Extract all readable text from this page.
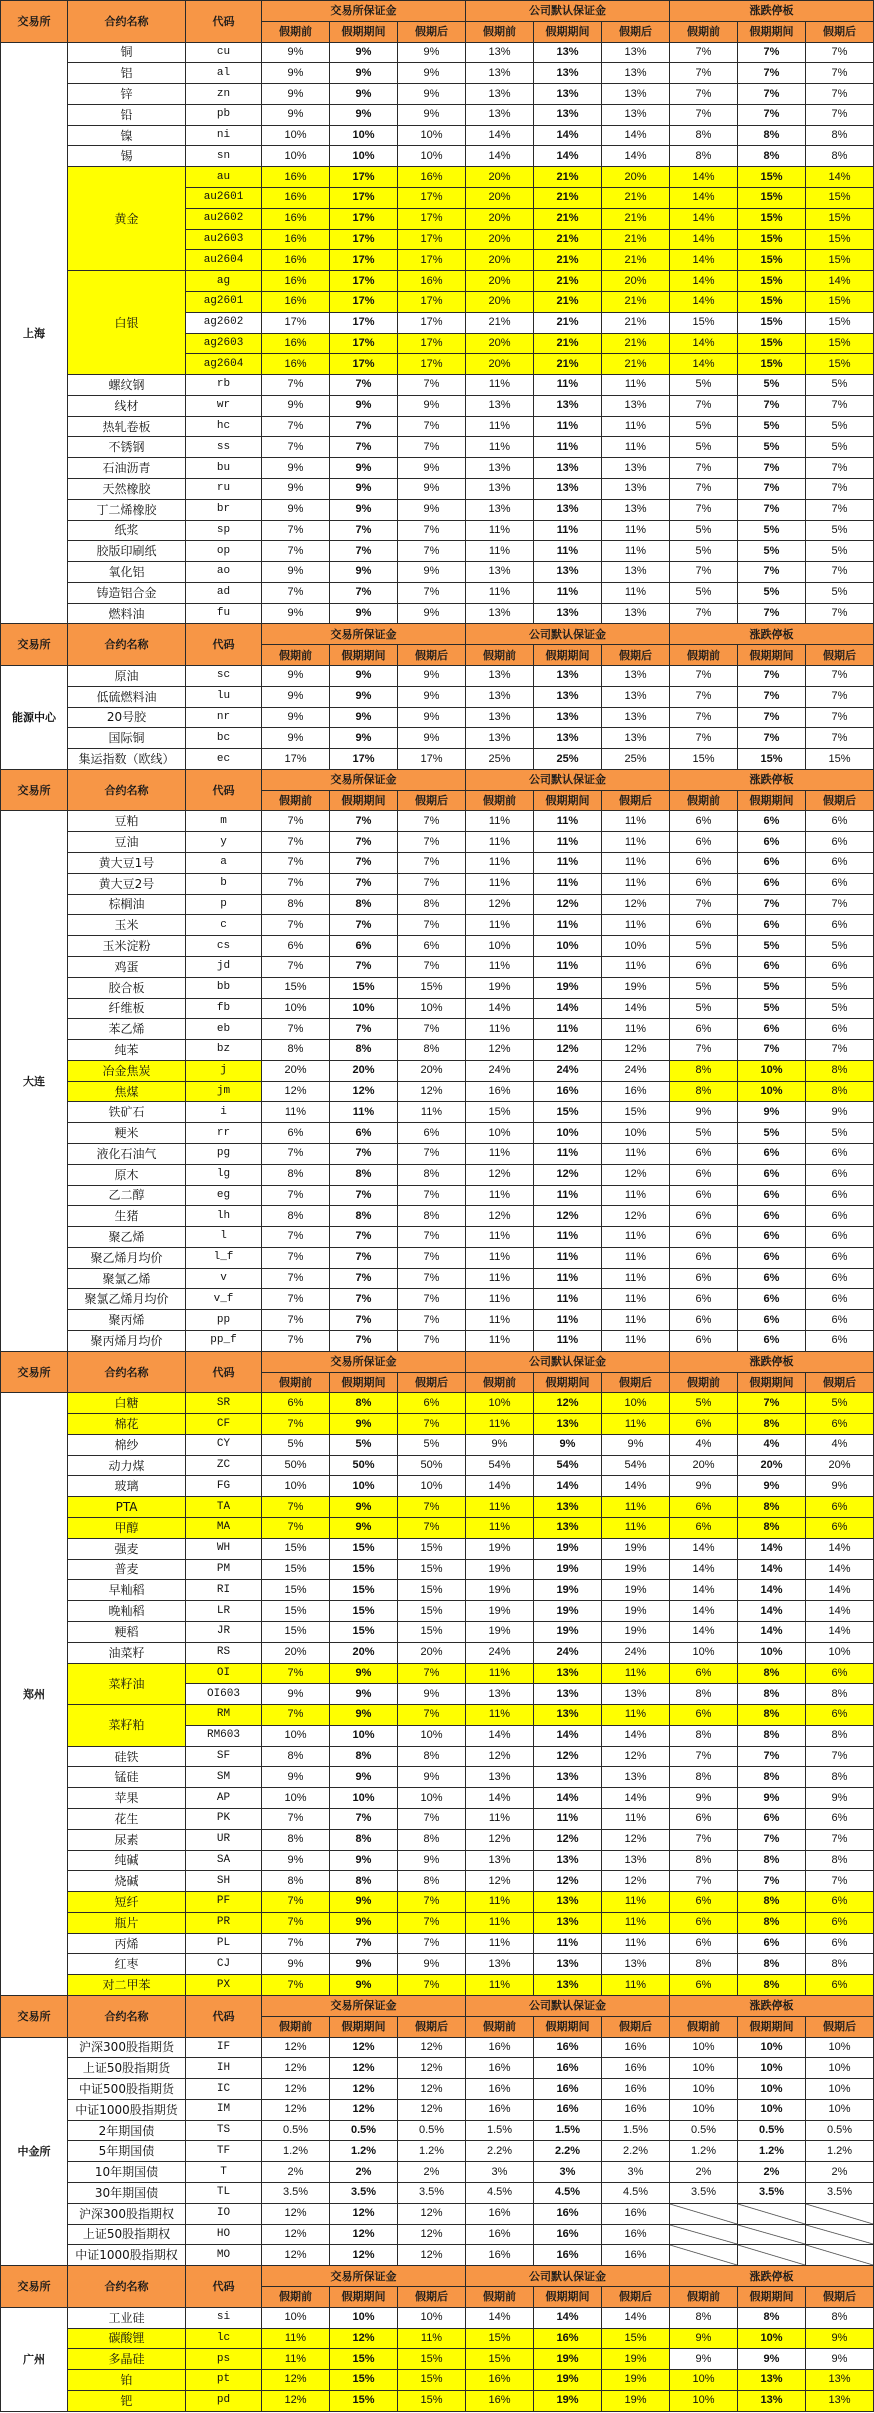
交易所	合约名称	代码
交易所保证金	公司默认保证金	涨跌停板
假期前	假期期间	假期后	假期前	假期期间	假期后	假期前	假期期间	假期后
上海
铜	cu	9%	9%	9%	13%	13%	13%	7%	7%	7%
铝	al	9%	9%	9%	13%	13%	13%	7%	7%	7%
锌	zn	9%	9%	9%	13%	13%	13%	7%	7%	7%
铅	pb	9%	9%	9%	13%	13%	13%	7%	7%	7%
镍	ni	10%	10%	10%	14%	14%	14%	8%	8%	8%
锡	sn	10%	10%	10%	14%	14%	14%	8%	8%	8%
黄金
au	16%	17%	16%	20%	21%	20%	14%	15%	14%
au2601	16%	17%	17%	20%	21%	21%	14%	15%	15%
au2602	16%	17%	17%	20%	21%	21%	14%	15%	15%
au2603	16%	17%	17%	20%	21%	21%	14%	15%	15%
au2604	16%	17%	17%	20%	21%	21%	14%	15%	15%
白银
ag	16%	17%	16%	20%	21%	20%	14%	15%	14%
ag2601	16%	17%	17%	20%	21%	21%	14%	15%	15%
ag2602	17%	17%	17%	21%	21%	21%	15%	15%	15%
ag2603	16%	17%	17%	20%	21%	21%	14%	15%	15%
ag2604	16%	17%	17%	20%	21%	21%	14%	15%	15%
螺纹钢	rb	7%	7%	7%	11%	11%	11%	5%	5%	5%
线材	wr	9%	9%	9%	13%	13%	13%	7%	7%	7%
热轧卷板	hc	7%	7%	7%	11%	11%	11%	5%	5%	5%
不锈钢	ss	7%	7%	7%	11%	11%	11%	5%	5%	5%
石油沥青	bu	9%	9%	9%	13%	13%	13%	7%	7%	7%
天然橡胶	ru	9%	9%	9%	13%	13%	13%	7%	7%	7%
丁二烯橡胶	br	9%	9%	9%	13%	13%	13%	7%	7%	7%
纸浆	sp	7%	7%	7%	11%	11%	11%	5%	5%	5%
胶版印刷纸	op	7%	7%	7%	11%	11%	11%	5%	5%	5%
氧化铝	ao	9%	9%	9%	13%	13%	13%	7%	7%	7%
铸造铝合金	ad	7%	7%	7%	11%	11%	11%	5%	5%	5%
燃料油	fu	9%	9%	9%	13%	13%	13%	7%	7%	7%
交易所	合约名称	代码
交易所保证金	公司默认保证金	涨跌停板
假期前	假期期间	假期后	假期前	假期期间	假期后	假期前	假期期间	假期后
能源中心
原油	sc	9%	9%	9%	13%	13%	13%	7%	7%	7%
低硫燃料油	lu	9%	9%	9%	13%	13%	13%	7%	7%	7%
20号胶	nr	9%	9%	9%	13%	13%	13%	7%	7%	7%
国际铜	bc	9%	9%	9%	13%	13%	13%	7%	7%	7%
集运指数（欧线）	ec	17%	17%	17%	25%	25%	25%	15%	15%	15%
交易所	合约名称	代码
交易所保证金	公司默认保证金	涨跌停板
假期前	假期期间	假期后	假期前	假期期间	假期后	假期前	假期期间	假期后
大连
豆粕	m	7%	7%	7%	11%	11%	11%	6%	6%	6%
豆油	y	7%	7%	7%	11%	11%	11%	6%	6%	6%
黄大豆1号	a	7%	7%	7%	11%	11%	11%	6%	6%	6%
黄大豆2号	b	7%	7%	7%	11%	11%	11%	6%	6%	6%
棕榈油	p	8%	8%	8%	12%	12%	12%	7%	7%	7%
玉米	c	7%	7%	7%	11%	11%	11%	6%	6%	6%
玉米淀粉	cs	6%	6%	6%	10%	10%	10%	5%	5%	5%
鸡蛋	jd	7%	7%	7%	11%	11%	11%	6%	6%	6%
胶合板	bb	15%	15%	15%	19%	19%	19%	5%	5%	5%
纤维板	fb	10%	10%	10%	14%	14%	14%	5%	5%	5%
苯乙烯	eb	7%	7%	7%	11%	11%	11%	6%	6%	6%
纯苯	bz	8%	8%	8%	12%	12%	12%	7%	7%	7%
冶金焦炭	j	20%	20%	20%	24%	24%	24%	8%	10%	8%
焦煤	jm	12%	12%	12%	16%	16%	16%	8%	10%	8%
铁矿石	i	11%	11%	11%	15%	15%	15%	9%	9%	9%
粳米	rr	6%	6%	6%	10%	10%	10%	5%	5%	5%
液化石油气	pg	7%	7%	7%	11%	11%	11%	6%	6%	6%
原木	lg	8%	8%	8%	12%	12%	12%	6%	6%	6%
乙二醇	eg	7%	7%	7%	11%	11%	11%	6%	6%	6%
生猪	lh	8%	8%	8%	12%	12%	12%	6%	6%	6%
聚乙烯	l	7%	7%	7%	11%	11%	11%	6%	6%	6%
聚乙烯月均价	l_f	7%	7%	7%	11%	11%	11%	6%	6%	6%
聚氯乙烯	v	7%	7%	7%	11%	11%	11%	6%	6%	6%
聚氯乙烯月均价	v_f	7%	7%	7%	11%	11%	11%	6%	6%	6%
聚丙烯	pp	7%	7%	7%	11%	11%	11%	6%	6%	6%
聚丙烯月均价	pp_f	7%	7%	7%	11%	11%	11%	6%	6%	6%
交易所	合约名称	代码
交易所保证金	公司默认保证金	涨跌停板
假期前	假期期间	假期后	假期前	假期期间	假期后	假期前	假期期间	假期后
郑州
白糖	SR	6%	8%	6%	10%	12%	10%	5%	7%	5%
棉花	CF	7%	9%	7%	11%	13%	11%	6%	8%	6%
棉纱	CY	5%	5%	5%	9%	9%	9%	4%	4%	4%
动力煤	ZC	50%	50%	50%	54%	54%	54%	20%	20%	20%
玻璃	FG	10%	10%	10%	14%	14%	14%	9%	9%	9%
PTA	TA	7%	9%	7%	11%	13%	11%	6%	8%	6%
甲醇	MA	7%	9%	7%	11%	13%	11%	6%	8%	6%
强麦	WH	15%	15%	15%	19%	19%	19%	14%	14%	14%
普麦	PM	15%	15%	15%	19%	19%	19%	14%	14%	14%
早籼稻	RI	15%	15%	15%	19%	19%	19%	14%	14%	14%
晚籼稻	LR	15%	15%	15%	19%	19%	19%	14%	14%	14%
粳稻	JR	15%	15%	15%	19%	19%	19%	14%	14%	14%
油菜籽	RS	20%	20%	20%	24%	24%	24%	10%	10%	10%
菜籽油
OI	7%	9%	7%	11%	13%	11%	6%	8%	6%
OI603	9%	9%	9%	13%	13%	13%	8%	8%	8%
菜籽粕
RM	7%	9%	7%	11%	13%	11%	6%	8%	6%
RM603	10%	10%	10%	14%	14%	14%	8%	8%	8%
硅铁	SF	8%	8%	8%	12%	12%	12%	7%	7%	7%
锰硅	SM	9%	9%	9%	13%	13%	13%	8%	8%	8%
苹果	AP	10%	10%	10%	14%	14%	14%	9%	9%	9%
花生	PK	7%	7%	7%	11%	11%	11%	6%	6%	6%
尿素	UR	8%	8%	8%	12%	12%	12%	7%	7%	7%
纯碱	SA	9%	9%	9%	13%	13%	13%	8%	8%	8%
烧碱	SH	8%	8%	8%	12%	12%	12%	7%	7%	7%
短纤	PF	7%	9%	7%	11%	13%	11%	6%	8%	6%
瓶片	PR	7%	9%	7%	11%	13%	11%	6%	8%	6%
丙烯	PL	7%	7%	7%	11%	11%	11%	6%	6%	6%
红枣	CJ	9%	9%	9%	13%	13%	13%	8%	8%	8%
对二甲苯	PX	7%	9%	7%	11%	13%	11%	6%	8%	6%
交易所	合约名称	代码
交易所保证金	公司默认保证金	涨跌停板
假期前	假期期间	假期后	假期前	假期期间	假期后	假期前	假期期间	假期后
中金所
沪深300股指期货	IF	12%	12%	12%	16%	16%	16%	10%	10%	10%
上证50股指期货	IH	12%	12%	12%	16%	16%	16%	10%	10%	10%
中证500股指期货	IC	12%	12%	12%	16%	16%	16%	10%	10%	10%
中证1000股指期货	IM	12%	12%	12%	16%	16%	16%	10%	10%	10%
2年期国债	TS	0.5%	0.5%	0.5%	1.5%	1.5%	1.5%	0.5%	0.5%	0.5%
5年期国债	TF	1.2%	1.2%	1.2%	2.2%	2.2%	2.2%	1.2%	1.2%	1.2%
10年期国债	T	2%	2%	2%	3%	3%	3%	2%	2%	2%
30年期国债	TL	3.5%	3.5%	3.5%	4.5%	4.5%	4.5%	3.5%	3.5%	3.5%
沪深300股指期权	IO	12%	12%	12%	16%	16%	16%
上证50股指期权	HO	12%	12%	12%	16%	16%	16%
中证1000股指期权	MO	12%	12%	12%	16%	16%	16%
交易所	合约名称	代码
交易所保证金	公司默认保证金	涨跌停板
假期前	假期期间	假期后	假期前	假期期间	假期后	假期前	假期期间	假期后
广州
工业硅	si	10%	10%	10%	14%	14%	14%	8%	8%	8%
碳酸锂	lc	11%	12%	11%	15%	16%	15%	9%	10%	9%
多晶硅	ps	11%	15%	15%	15%	19%	19%	9%	9%	9%
铂	pt	12%	15%	15%	16%	19%	19%	10%	13%	13%
钯	pd	12%	15%	15%	16%	19%	19%	10%	13%	13%
